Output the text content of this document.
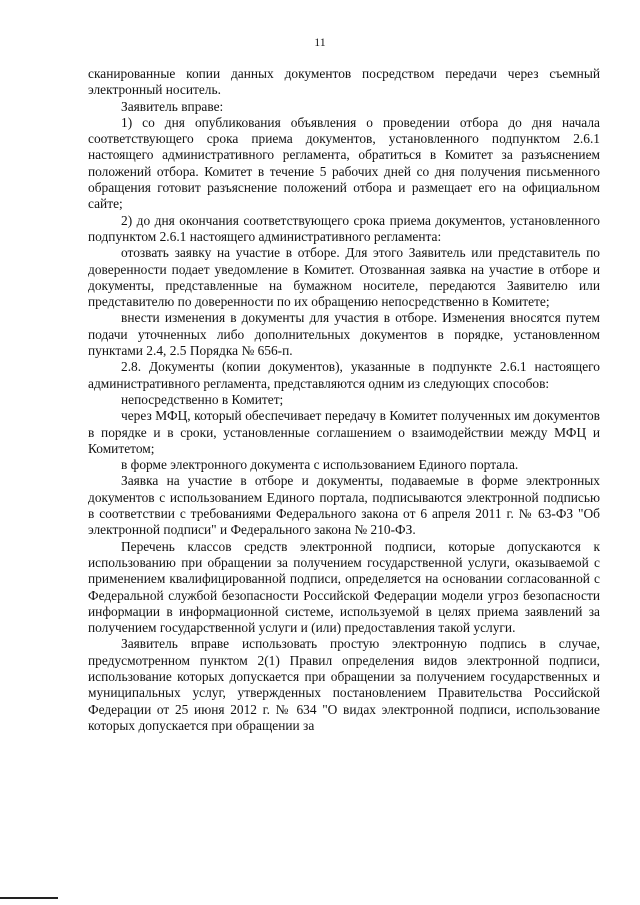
11

сканированные копии данных документов посредством передачи через съемный электронный носитель.

Заявитель вправе:

1) со дня опубликования объявления о проведении отбора до дня начала соответствующего срока приема документов, установленного подпунктом 2.6.1 настоящего административного регламента, обратиться в Комитет за разъяснением положений отбора. Комитет в течение 5 рабочих дней со дня получения письменного обращения готовит разъяснение положений отбора и размещает его на официальном сайте;

2) до дня окончания соответствующего срока приема документов, установленного подпунктом 2.6.1 настоящего административного регламента:

отозвать заявку на участие в отборе. Для этого Заявитель или представитель по доверенности подает уведомление в Комитет. Отозванная заявка на участие в отборе и документы, представленные на бумажном носителе, передаются Заявителю или представителю по доверенности по их обращению непосредственно в Комитете;

внести изменения в документы для участия в отборе. Изменения вносятся путем подачи уточненных либо дополнительных документов в порядке, установленном пунктами 2.4, 2.5 Порядка № 656-п.

2.8. Документы (копии документов), указанные в подпункте 2.6.1 настоящего административного регламента, представляются одним из следующих способов:

непосредственно в Комитет;

через МФЦ, который обеспечивает передачу в Комитет полученных им документов в порядке и в сроки, установленные соглашением о взаимодействии между МФЦ и Комитетом;

в форме электронного документа с использованием Единого портала.

Заявка на участие в отборе и документы, подаваемые в форме электронных документов с использованием Единого портала, подписываются электронной подписью в соответствии с требованиями Федерального закона от 6 апреля 2011 г. № 63-ФЗ "Об электронной подписи" и Федерального закона № 210-ФЗ.

Перечень классов средств электронной подписи, которые допускаются к использованию при обращении за получением государственной услуги, оказываемой с применением квалифицированной подписи, определяется на основании согласованной с Федеральной службой безопасности Российской Федерации модели угроз безопасности информации в информационной системе, используемой в целях приема заявлений за получением государственной услуги и (или) предоставления такой услуги.

Заявитель вправе использовать простую электронную подпись в случае, предусмотренном пунктом 2(1) Правил определения видов электронной подписи, использование которых допускается при обращении за получением государственных и муниципальных услуг, утвержденных постановлением Правительства Российской Федерации от 25 июня 2012 г. № 634 "О видах электронной подписи, использование которых допускается при обращении за
